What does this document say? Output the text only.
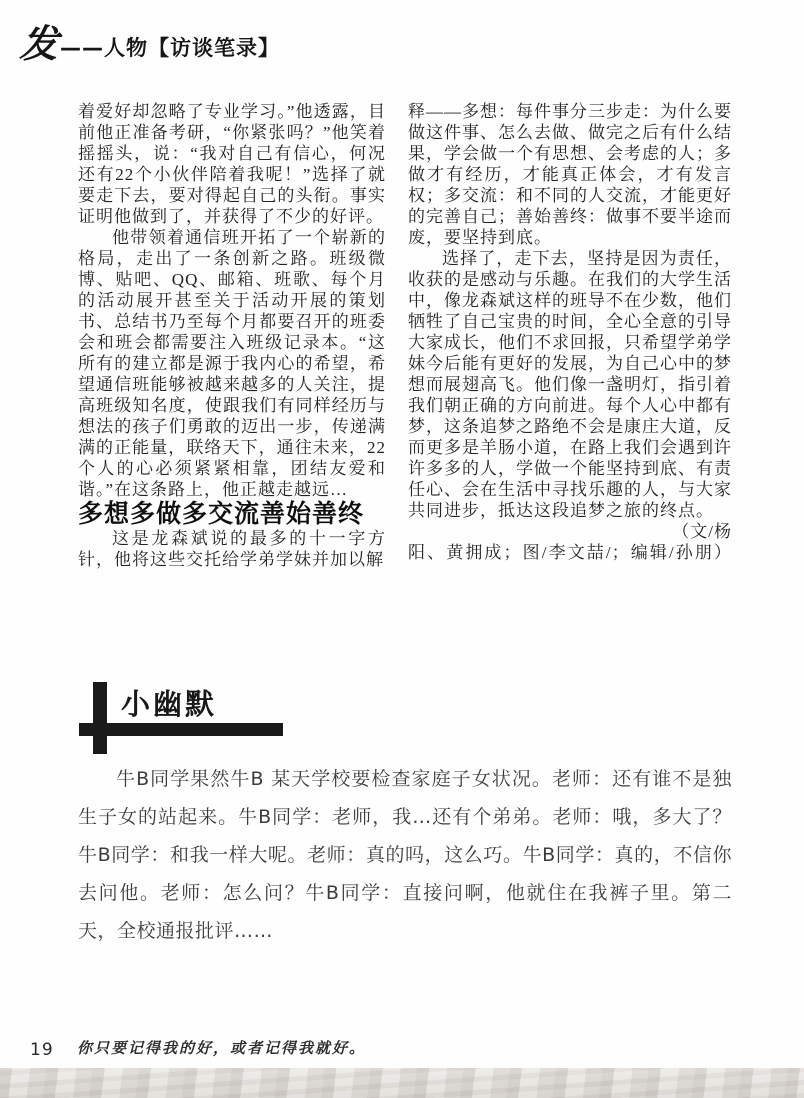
发 ——人物【访谈笔录】

着爱好却忽略了专业学习。”他透露，目前他正准备考研，“你紧张吗？”他笑着摇摇头，说：“我对自己有信心，何况还有22个小伙伴陪着我呢！”选择了就要走下去，要对得起自己的头衔。事实证明他做到了，并获得了不少的好评。

他带领着通信班开拓了一个崭新的格局，走出了一条创新之路。班级微博、贴吧、QQ、邮箱、班歌、每个月的活动展开甚至关于活动开展的策划书、总结书乃至每个月都要召开的班委会和班会都需要注入班级记录本。“这所有的建立都是源于我内心的希望，希望通信班能够被越来越多的人关注，提高班级知名度，使跟我们有同样经历与想法的孩子们勇敢的迈出一步，传递满满的正能量，联络天下，通往未来，22个人的心必须紧紧相靠，团结友爱和谐。”在这条路上，他正越走越远…

多想多做多交流善始善终

这是龙森斌说的最多的十一字方针，他将这些交托给学弟学妹并加以解

释——多想：每件事分三步走：为什么要做这件事、怎么去做、做完之后有什么结果，学会做一个有思想、会考虑的人；多做才有经历，才能真正体会，才有发言权；多交流：和不同的人交流，才能更好的完善自己；善始善终：做事不要半途而废，要坚持到底。

选择了，走下去，坚持是因为责任，收获的是感动与乐趣。在我们的大学生活中，像龙森斌这样的班导不在少数，他们牺牲了自己宝贵的时间，全心全意的引导大家成长，他们不求回报，只希望学弟学妹今后能有更好的发展，为自己心中的梦想而展翅高飞。他们像一盏明灯，指引着我们朝正确的方向前进。每个人心中都有梦，这条追梦之路绝不会是康庄大道，反而更多是羊肠小道，在路上我们会遇到许许多多的人，学做一个能坚持到底、有责任心、会在生活中寻找乐趣的人，与大家共同进步，抵达这段追梦之旅的终点。

（文/杨

阳、黄拥成；图/李文喆/；编辑/孙朋）

小幽默

牛B同学果然牛B 某天学校要检查家庭子女状况。老师：还有谁不是独生子女的站起来。牛B同学：老师，我…还有个弟弟。老师：哦，多大了？牛B同学：和我一样大呢。老师：真的吗，这么巧。牛B同学：真的，不信你去问他。老师：怎么问？牛B同学：直接问啊，他就住在我裤子里。第二天，全校通报批评……

19 你只要记得我的好，或者记得我就好。
